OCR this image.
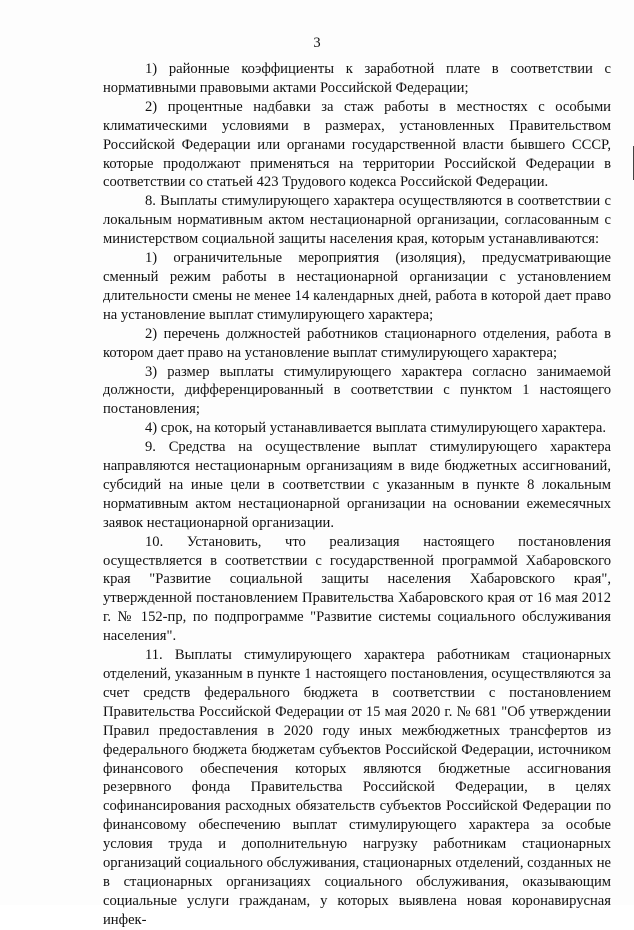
3

1) районные коэффициенты к заработной плате в соответствии с нормативными правовыми актами Российской Федерации;

2) процентные надбавки за стаж работы в местностях с особыми климатическими условиями в размерах, установленных Правительством Российской Федерации или органами государственной власти бывшего СССР, которые продолжают применяться на территории Российской Федерации в соответствии со статьей 423 Трудового кодекса Российской Федерации.

8. Выплаты стимулирующего характера осуществляются в соответствии с локальным нормативным актом нестационарной организации, согласованным с министерством социальной защиты населения края, которым устанавливаются:

1) ограничительные мероприятия (изоляция), предусматривающие сменный режим работы в нестационарной организации с установлением длительности смены не менее 14 календарных дней, работа в которой дает право на установление выплат стимулирующего характера;

2) перечень должностей работников стационарного отделения, работа в котором дает право на установление выплат стимулирующего характера;

3) размер выплаты стимулирующего характера согласно занимаемой должности, дифференцированный в соответствии с пунктом 1 настоящего постановления;

4) срок, на который устанавливается выплата стимулирующего характера.

9. Средства на осуществление выплат стимулирующего характера направляются нестационарным организациям в виде бюджетных ассигнований, субсидий на иные цели в соответствии с указанным в пункте 8 локальным нормативным актом нестационарной организации на основании ежемесячных заявок нестационарной организации.

10. Установить, что реализация настоящего постановления осуществляется в соответствии с государственной программой Хабаровского края "Развитие социальной защиты населения Хабаровского края", утвержденной постановлением Правительства Хабаровского края от 16 мая 2012 г. № 152-пр, по подпрограмме "Развитие системы социального обслуживания населения".

11. Выплаты стимулирующего характера работникам стационарных отделений, указанным в пункте 1 настоящего постановления, осуществляются за счет средств федерального бюджета в соответствии с постановлением Правительства Российской Федерации от 15 мая 2020 г. № 681 "Об утверждении Правил предоставления в 2020 году иных межбюджетных трансфертов из федерального бюджета бюджетам субъектов Российской Федерации, источником финансового обеспечения которых являются бюджетные ассигнования резервного фонда Правительства Российской Федерации, в целях софинансирования расходных обязательств субъектов Российской Федерации по финансовому обеспечению выплат стимулирующего характера за особые условия труда и дополнительную нагрузку работникам стационарных организаций социального обслуживания, стационарных отделений, созданных не в стационарных организациях социального обслуживания, оказывающим социальные услуги гражданам, у которых выявлена новая коронавирусная инфек-
